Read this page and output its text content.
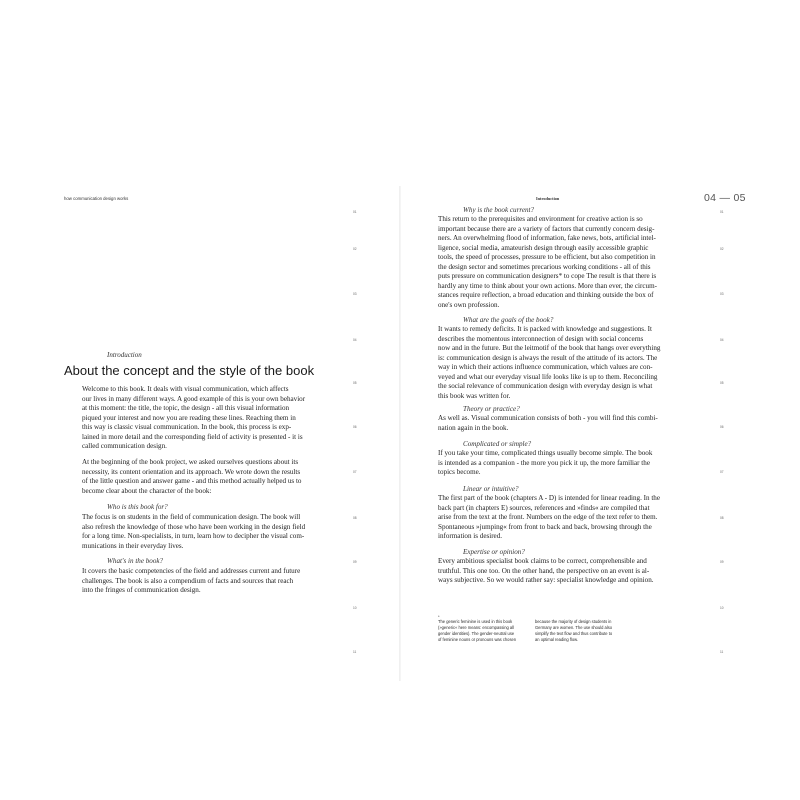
how communication design works	Introduction	04 — 05
01
02
03
04
05
06
07
08
09
10
11
01
02
03
04
05
06
07
08
09
10
11
Introduction
About the concept and the style of the book
Welcome to this book. It deals with visual communication, which affects
our lives in many different ways. A good example of this is your own behavior
at this moment: the title, the topic, the design - all this visual information
piqued your interest and now you are reading these lines. Reaching them in
this way is classic visual communication. In the book, this process is exp-
lained in more detail and the corresponding field of activity is presented - it is
called communication design.
At the beginning of the book project, we asked ourselves questions about its
necessity, its content orientation and its approach. We wrote down the results
of the little question and answer game - and this method actually helped us to
become clear about the character of the book:
Who is this book for?
The focus is on students in the field of communication design. The book will
also refresh the knowledge of those who have been working in the design field
for a long time. Non-specialists, in turn, learn how to decipher the visual com-
munications in their everyday lives.
What's in the book?
It covers the basic competencies of the field and addresses current and future
challenges. The book is also a compendium of facts and sources that reach
into the fringes of communication design.
Why is the book current?
This return to the prerequisites and environment for creative action is so
important because there are a variety of factors that currently concern desig-
ners. An overwhelming flood of information, fake news, bots, artificial intel-
ligence, social media, amateurish design through easily accessible graphic
tools, the speed of processes, pressure to be efficient, but also competition in
the design sector and sometimes precarious working conditions - all of this
puts pressure on communication designers* to cope The result is that there is
hardly any time to think about your own actions. More than ever, the circum-
stances require reflection, a broad education and thinking outside the box of
one's own profession.
What are the goals of the book?
It wants to remedy deficits. It is packed with knowledge and suggestions. It
describes the momentous interconnection of design with social concerns
now and in the future. But the leitmotif of the book that hangs over everything
is: communication design is always the result of the attitude of its actors. The
way in which their actions influence communication, which values are con-
veyed and what our everyday visual life looks like is up to them. Reconciling
the social relevance of communication design with everyday design is what
this book was written for.
Theory or practice?
As well as. Visual communication consists of both - you will find this combi-
nation again in the book.
Complicated or simple?
If you take your time, complicated things usually become simple. The book
is intended as a companion - the more you pick it up, the more familiar the
topics become.
Linear or intuitive?
The first part of the book (chapters A - D) is intended for linear reading. In the
back part (in chapters E) sources, references and »finds« are compiled that
arise from the text at the front. Numbers on the edge of the text refer to them.
Spontaneous »jumping« from front to back and back, browsing through the
information is desired.
Expertise or opinion?
Every ambitious specialist book claims to be correct, comprehensible and
truthful. This one too. On the other hand, the perspective on an event is al-
ways subjective. So we would rather say: specialist knowledge and opinion.
*
The generic feminine is used in this book
(»generic« here means: encompassing all
gender identities). The gender-neutral use
of feminine nouns or pronouns was chosen
because the majority of design students in
Germany are women. The use should also
simplify the text flow and thus contribute to
an optimal reading flow.
